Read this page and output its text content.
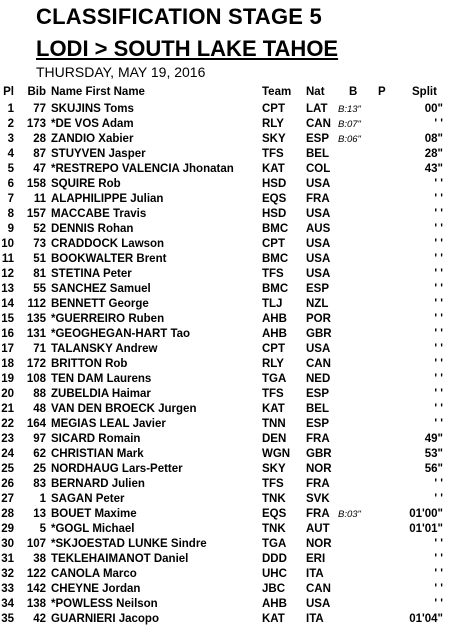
CLASSIFICATION STAGE 5
LODI > SOUTH LAKE TAHOE
THURSDAY, MAY 19, 2016
Pl	Bib Name First Name	Team Nat B P Split
1	77 SKUJINS Toms	CPT LAT B:13"	00"
2	173 *DE VOS Adam	RLY CAN B:07"	' '
3	28 ZANDIO Xabier	SKY ESP B:06"	08"
4	87 STUYVEN Jasper	TFS BEL	28"
5	47 *RESTREPO VALENCIA Jhonatan	KAT COL	43"
6	158 SQUIRE Rob	HSD USA	' '
7	11 ALAPHILIPPE Julian	EQS FRA	' '
8	157 MACCABE Travis	HSD USA	' '
9	52 DENNIS Rohan	BMC AUS	' '
10	73 CRADDOCK Lawson	CPT USA	' '
11	51 BOOKWALTER Brent	BMC USA	' '
12	81 STETINA Peter	TFS USA	' '
13	55 SANCHEZ Samuel	BMC ESP	' '
14	112 BENNETT George	TLJ NZL	' '
15	135 *GUERREIRO Ruben	AHB POR	' '
16	131 *GEOGHEGAN-HART Tao	AHB GBR	' '
17	71 TALANSKY Andrew	CPT USA	' '
18	172 BRITTON Rob	RLY CAN	' '
19	108 TEN DAM Laurens	TGA NED	' '
20	88 ZUBELDIA Haimar	TFS ESP	' '
21	48 VAN DEN BROECK Jurgen	KAT BEL	' '
22	164 MEGIAS LEAL Javier	TNN ESP	' '
23	97 SICARD Romain	DEN FRA	49"
24	62 CHRISTIAN Mark	WGN GBR	53"
25	25 NORDHAUG Lars-Petter	SKY NOR	56"
26	83 BERNARD Julien	TFS FRA	' '
27	1 SAGAN Peter	TNK SVK	' '
28	13 BOUET Maxime	EQS FRA B:03"	01'00"
29	5 *GOGL Michael	TNK AUT	01'01"
30	107 *SKJOESTAD LUNKE Sindre	TGA NOR	' '
31	38 TEKLEHAIMANOT Daniel	DDD ERI	' '
32	122 CANOLA Marco	UHC ITA	' '
33	142 CHEYNE Jordan	JBC CAN	' '
34	138 *POWLESS Neilson	AHB USA	' '
35	42 GUARNIERI Jacopo	KAT ITA	01'04"
